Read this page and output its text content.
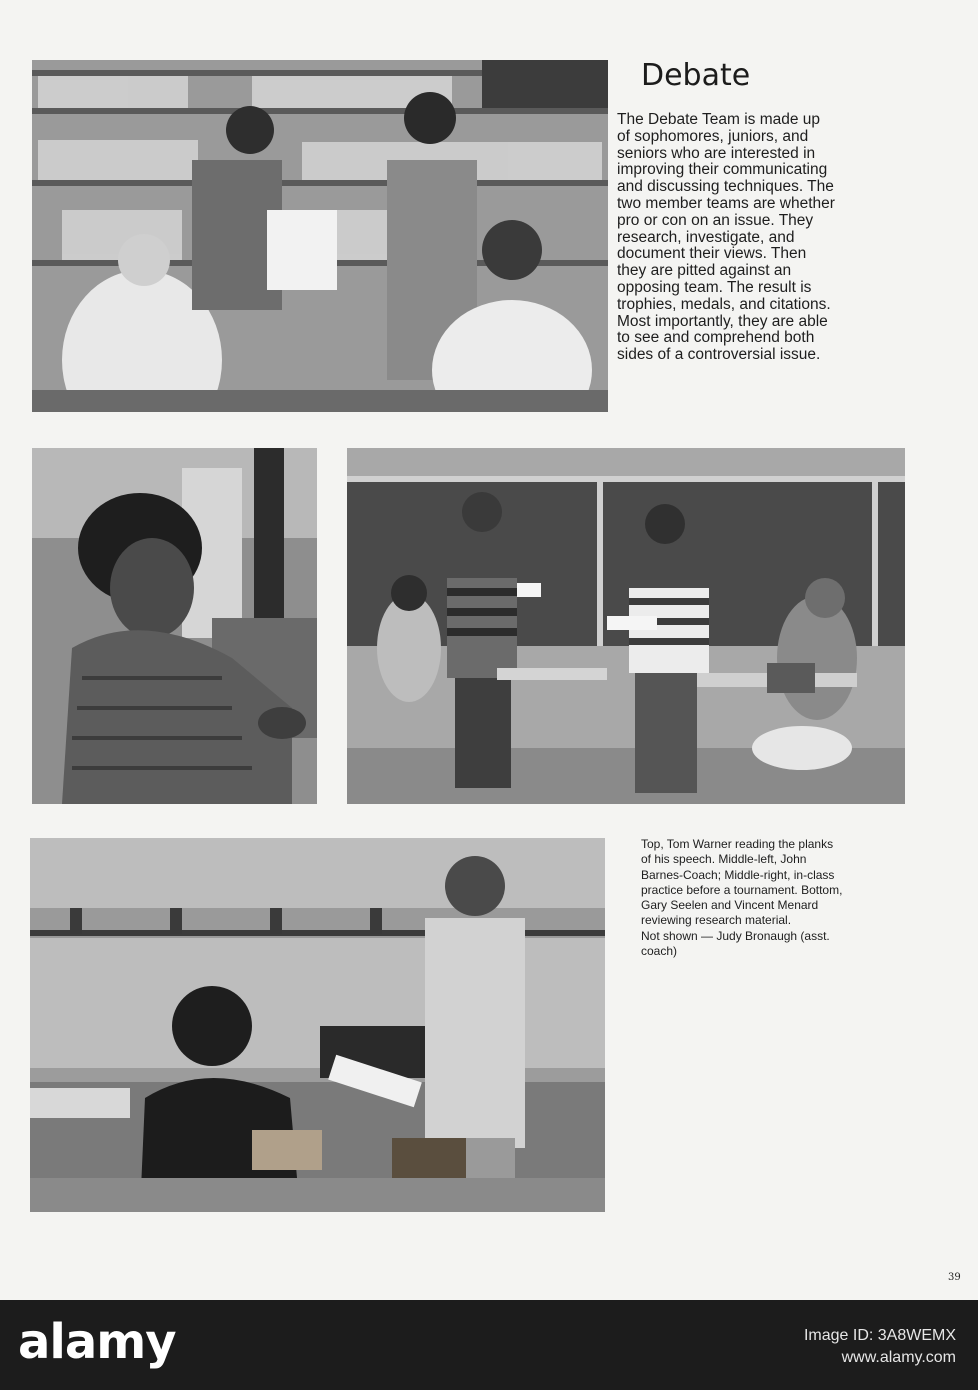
Debate

The Debate Team is made up
of sophomores, juniors, and
seniors who are interested in
improving their communicating
and discussing techniques. The
two member teams are whether
pro or con on an issue. They
research, investigate, and
document their views. Then
they are pitted against an
opposing team. The result is
trophies, medals, and citations.
Most importantly, they are able
to see and comprehend both
sides of a controversial issue.

Top, Tom Warner reading the planks
of his speech. Middle-left, John
Barnes-Coach; Middle-right, in-class
practice before a tournament. Bottom,
Gary Seelen and Vincent Menard
reviewing research material.
Not shown — Judy Bronaugh (asst.
coach)

39
alamy	Image ID: 3A8WEMX
www.alamy.com
